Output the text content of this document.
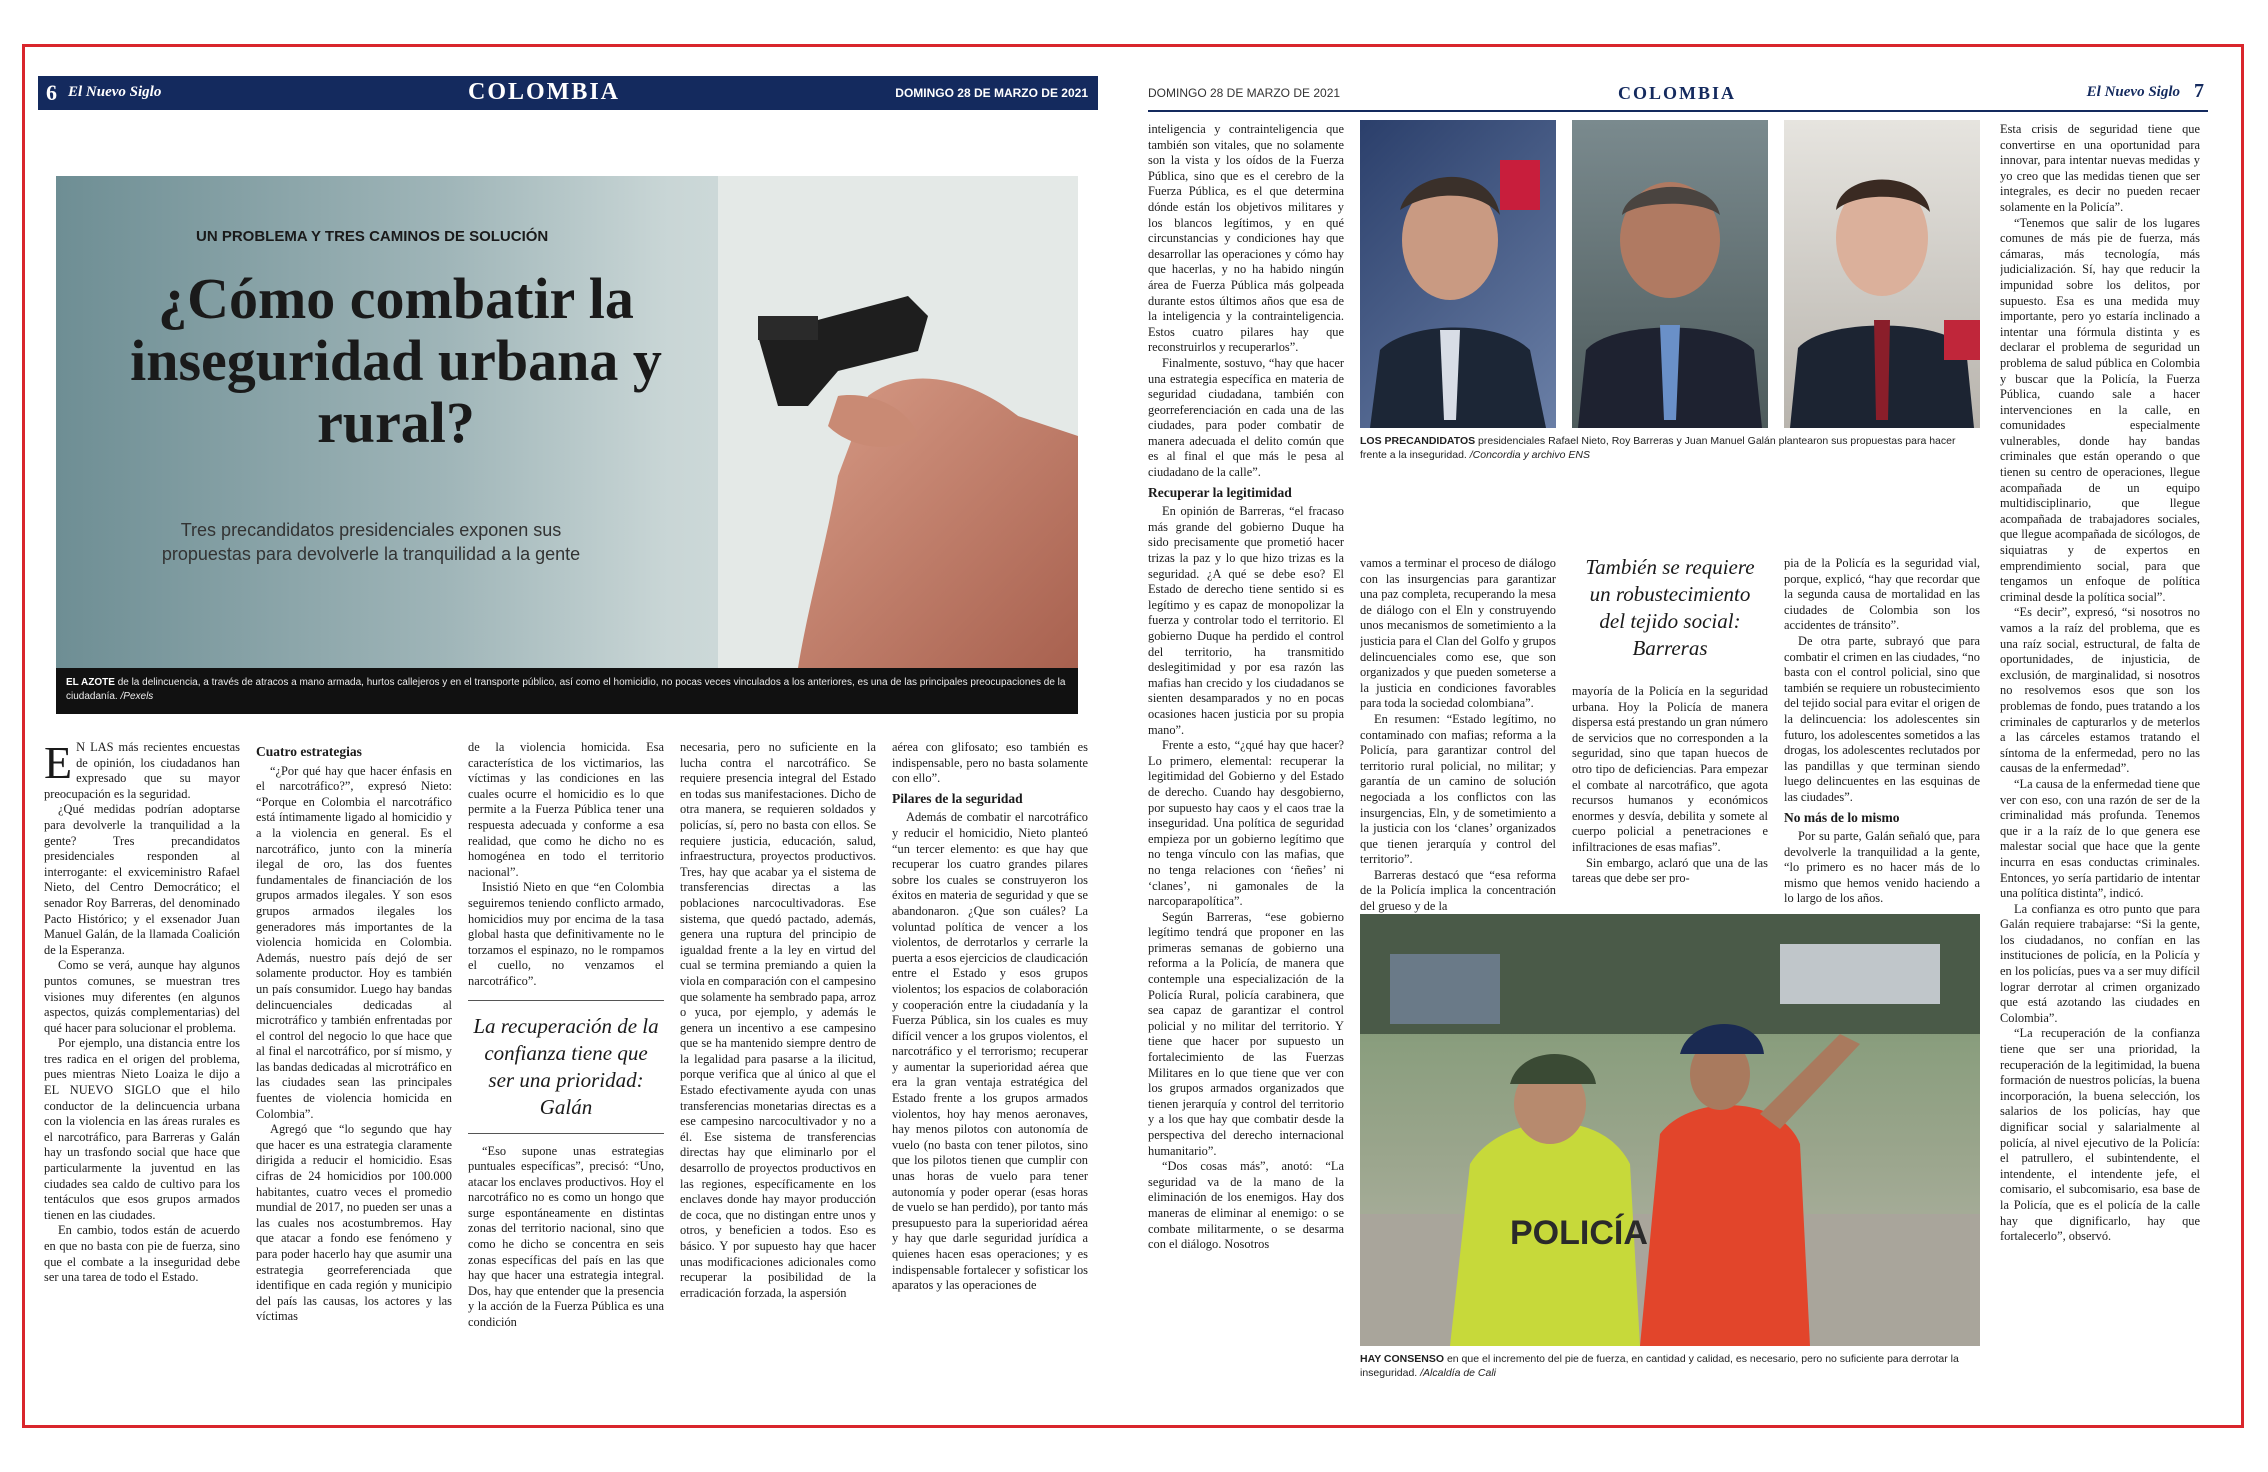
6 El Nuevo Siglo	COLOMBIA	DOMINGO 28 DE MARZO DE 2021
UN PROBLEMA Y TRES CAMINOS DE SOLUCIÓN
¿Cómo combatir la inseguridad urbana y rural?
Tres precandidatos presidenciales exponen sus propuestas para devolverle la tranquilidad a la gente
EL AZOTE de la delincuencia, a través de atracos a mano armada, hurtos callejeros y en el transporte público, así como el homicidio, no pocas veces vinculados a los anteriores, es una de las principales preocupaciones de la ciudadanía. /Pexels

E N LAS más recientes encuestas de opinión, los ciudadanos han expresado que su mayor preocupación es la seguridad.

¿Qué medidas podrían adoptarse para devolverle la tranquilidad a la gente? Tres precandidatos presidenciales responden al interrogante: el exviceministro Rafael Nieto, del Centro Democrático; el senador Roy Barreras, del denominado Pacto Histórico; y el exsenador Juan Manuel Galán, de la llamada Coalición de la Esperanza.

Como se verá, aunque hay algunos puntos comunes, se muestran tres visiones muy diferentes (en algunos aspectos, quizás complementarias) del qué hacer para solucionar el problema.

Por ejemplo, una distancia entre los tres radica en el origen del problema, pues mientras Nieto Loaiza le dijo a EL NUEVO SIGLO que el hilo conductor de la delincuencia urbana con la violencia en las áreas rurales es el narcotráfico, para Barreras y Galán hay un trasfondo social que hace que particularmente la juventud en las ciudades sea caldo de cultivo para los tentáculos que esos grupos armados tienen en las ciudades.

En cambio, todos están de acuerdo en que no basta con pie de fuerza, sino que el combate a la inseguridad debe ser una tarea de todo el Estado.

Cuatro estrategias

“¿Por qué hay que hacer énfasis en el narcotráfico?”, expresó Nieto: “Porque en Colombia el narcotráfico está íntimamente ligado al homicidio y a la violencia en general. Es el narcotráfico, junto con la minería ilegal de oro, las dos fuentes fundamentales de financiación de los grupos armados ilegales. Y son esos grupos armados ilegales los generadores más importantes de la violencia homicida en Colombia. Además, nuestro país dejó de ser solamente productor. Hoy es también un país consumidor. Luego hay bandas delincuenciales dedicadas al microtráfico y también enfrentadas por el control del negocio lo que hace que al final el narcotráfico, por sí mismo, y las bandas dedicadas al microtráfico en las ciudades sean las principales fuentes de violencia homicida en Colombia”.

Agregó que “lo segundo que hay que hacer es una estrategia claramente dirigida a reducir el homicidio. Esas cifras de 24 homicidios por 100.000 habitantes, cuatro veces el promedio mundial de 2017, no pueden ser unas a las cuales nos acostumbremos. Hay que atacar a fondo ese fenómeno y para poder hacerlo hay que asumir una estrategia georreferenciada que identifique en cada región y municipio del país las causas, los actores y las víctimas

de la violencia homicida. Esa característica de los victimarios, las víctimas y las condiciones en las cuales ocurre el homicidio es lo que permite a la Fuerza Pública tener una respuesta adecuada y conforme a esa realidad, que como he dicho no es homogénea en todo el territorio nacional”.

Insistió Nieto en que “en Colombia seguiremos teniendo conflicto armado, homicidios muy por encima de la tasa global hasta que definitivamente no le torzamos el espinazo, no le rompamos el cuello, no venzamos el narcotráfico”.

La recuperación de la confianza tiene que ser una prioridad: Galán

“Eso supone unas estrategias puntuales específicas”, precisó: “Uno, atacar los enclaves productivos. Hoy el narcotráfico no es como un hongo que surge espontáneamente en distintas zonas del territorio nacional, sino que como he dicho se concentra en seis zonas específicas del país en las que hay que hacer una estrategia integral. Dos, hay que entender que la presencia y la acción de la Fuerza Pública es una condición

necesaria, pero no suficiente en la lucha contra el narcotráfico. Se requiere presencia integral del Estado en todas sus manifestaciones. Dicho de otra manera, se requieren soldados y policías, sí, pero no basta con ellos. Se requiere justicia, educación, salud, infraestructura, proyectos productivos. Tres, hay que acabar ya el sistema de transferencias directas a las poblaciones narcocultivadoras. Ese sistema, que quedó pactado, además, genera una ruptura del principio de igualdad frente a la ley en virtud del cual se termina premiando a quien la viola en comparación con el campesino que solamente ha sembrado papa, arroz o yuca, por ejemplo, y además le genera un incentivo a ese campesino que se ha mantenido siempre dentro de la legalidad para pasarse a la ilicitud, porque verifica que al único al que el Estado efectivamente ayuda con unas transferencias monetarias directas es a ese campesino narcocultivador y no a él. Ese sistema de transferencias directas hay que eliminarlo por el desarrollo de proyectos productivos en las regiones, específicamente en los enclaves donde hay mayor producción de coca, que no distingan entre unos y otros, y beneficien a todos. Eso es básico. Y por supuesto hay que hacer unas modificaciones adicionales como recuperar la posibilidad de la erradicación forzada, la aspersión

aérea con glifosato; eso también es indispensable, pero no basta solamente con ello”.

Pilares de la seguridad

Además de combatir el narcotráfico y reducir el homicidio, Nieto planteó “un tercer elemento: es que hay que recuperar los cuatro grandes pilares sobre los cuales se construyeron los éxitos en materia de seguridad y que se abandonaron. ¿Que son cuáles? La voluntad política de vencer a los violentos, de derrotarlos y cerrarle la puerta a esos ejercicios de claudicación entre el Estado y esos grupos violentos; los espacios de colaboración y cooperación entre la ciudadanía y la Fuerza Pública, sin los cuales es muy difícil vencer a los grupos violentos, el narcotráfico y el terrorismo; recuperar y aumentar la superioridad aérea que era la gran ventaja estratégica del Estado frente a los grupos armados violentos, hoy hay menos aeronaves, hay menos pilotos con autonomía de vuelo (no basta con tener pilotos, sino que los pilotos tienen que cumplir con unas horas de vuelo para tener autonomía y poder operar (esas horas de vuelo se han perdido), por tanto más presupuesto para la superioridad aérea y hay que darle seguridad jurídica a quienes hacen esas operaciones; y es indispensable fortalecer y sofisticar los aparatos y las operaciones de

DOMINGO 28 DE MARZO DE 2021	COLOMBIA	El Nuevo Siglo 7

inteligencia y contrainteligencia que también son vitales, que no solamente son la vista y los oídos de la Fuerza Pública, sino que es el cerebro de la Fuerza Pública, es el que determina dónde están los objetivos militares y los blancos legítimos, y en qué circunstancias y condiciones hay que desarrollar las operaciones y cómo hay que hacerlas, y no ha habido ningún área de Fuerza Pública más golpeada durante estos últimos años que esa de la inteligencia y la contrainteligencia. Estos cuatro pilares hay que reconstruirlos y recuperarlos”.

Finalmente, sostuvo, “hay que hacer una estrategia específica en materia de seguridad ciudadana, también con georreferenciación en cada una de las ciudades, para poder combatir de manera adecuada el delito común que es al final el que más le pesa al ciudadano de la calle”.

Recuperar la legitimidad

En opinión de Barreras, “el fracaso más grande del gobierno Duque ha sido precisamente que prometió hacer trizas la paz y lo que hizo trizas es la seguridad. ¿A qué se debe eso? El Estado de derecho tiene sentido si es legítimo y es capaz de monopolizar la fuerza y controlar todo el territorio. El gobierno Duque ha perdido el control del territorio, ha transmitido deslegitimidad y por esa razón las mafias han crecido y los ciudadanos se sienten desamparados y no en pocas ocasiones hacen justicia por su propia mano”.

Frente a esto, “¿qué hay que hacer? Lo primero, elemental: recuperar la legitimidad del Gobierno y del Estado de derecho. Cuando hay desgobierno, por supuesto hay caos y el caos trae la inseguridad. Una política de seguridad empieza por un gobierno legítimo que no tenga vínculo con las mafias, que no tenga relaciones con ‘ñeñes’ ni ‘clanes’, ni gamonales de la narcoparapolítica”.

Según Barreras, “ese gobierno legítimo tendrá que proponer en las primeras semanas de gobierno una reforma a la Policía, de manera que contemple una especialización de la Policía Rural, policía carabinera, que sea capaz de garantizar el control policial y no militar del territorio. Y tiene que hacer por supuesto un fortalecimiento de las Fuerzas Militares en lo que tiene que ver con los grupos armados organizados que tienen jerarquía y control del territorio y a los que hay que combatir desde la perspectiva del derecho internacional humanitario”.

“Dos cosas más”, anotó: “La seguridad va de la mano de la eliminación de los enemigos. Hay dos maneras de eliminar al enemigo: o se combate militarmente, o se desarma con el diálogo. Nosotros

vamos a terminar el proceso de diálogo con las insurgencias para garantizar una paz completa, recuperando la mesa de diálogo con el Eln y construyendo unos mecanismos de sometimiento a la justicia para el Clan del Golfo y grupos delincuenciales como ese, que son organizados y que pueden someterse a la justicia en condiciones favorables para toda la sociedad colombiana”.

En resumen: “Estado legítimo, no contaminado con mafias; reforma a la Policía, para garantizar control del territorio rural policial, no militar; y garantía de un camino de solución negociada a los conflictos con las insurgencias, Eln, y de sometimiento a la justicia con los ‘clanes’ organizados que tienen jerarquía y control del territorio”.

Barreras destacó que “esa reforma de la Policía implica la concentración del grueso y de la

También se requiere un robustecimiento del tejido social: Barreras

mayoría de la Policía en la seguridad urbana. Hoy la Policía de manera dispersa está prestando un gran número de servicios que no corresponden a la seguridad, sino que tapan huecos de otro tipo de deficiencias. Para empezar el combate al narcotráfico, que agota recursos humanos y económicos enormes y desvía, debilita y somete al cuerpo policial a penetraciones e infiltraciones de esas mafias”.

Sin embargo, aclaró que una de las tareas que debe ser pro-

pia de la Policía es la seguridad vial, porque, explicó, “hay que recordar que la segunda causa de mortalidad en las ciudades de Colombia son los accidentes de tránsito”.

De otra parte, subrayó que para combatir el crimen en las ciudades, “no basta con el control policial, sino que también se requiere un robustecimiento del tejido social para evitar el origen de la delincuencia: los adolescentes sin futuro, los adolescentes sometidos a las drogas, los adolescentes reclutados por las pandillas y que terminan siendo luego delincuentes en las esquinas de las ciudades”.

No más de lo mismo

Por su parte, Galán señaló que, para devolverle la tranquilidad a la gente, “lo primero es no hacer más de lo mismo que hemos venido haciendo a lo largo de los años.

Esta crisis de seguridad tiene que convertirse en una oportunidad para innovar, para intentar nuevas medidas y yo creo que las medidas tienen que ser integrales, es decir no pueden recaer solamente en la Policía”.

“Tenemos que salir de los lugares comunes de más pie de fuerza, más cámaras, más tecnología, más judicialización. Sí, hay que reducir la impunidad sobre los delitos, por supuesto. Esa es una medida muy importante, pero yo estaría inclinado a intentar una fórmula distinta y es declarar el problema de seguridad un problema de salud pública en Colombia y buscar que la Policía, la Fuerza Pública, cuando sale a hacer intervenciones en la calle, en comunidades especialmente vulnerables, donde hay bandas criminales que están operando o que tienen su centro de operaciones, llegue acompañada de un equipo multidisciplinario, que llegue acompañada de trabajadores sociales, que llegue acompañada de sicólogos, de siquiatras y de expertos en emprendimiento social, para que tengamos un enfoque de política criminal desde la política social”.

“Es decir”, expresó, “si nosotros no vamos a la raíz del problema, que es una raíz social, estructural, de falta de oportunidades, de injusticia, de exclusión, de marginalidad, si nosotros no resolvemos esos que son los problemas de fondo, pues tratando a los criminales de capturarlos y de meterlos a las cárceles estamos tratando el síntoma de la enfermedad, pero no las causas de la enfermedad”.

“La causa de la enfermedad tiene que ver con eso, con una razón de ser de la criminalidad más profunda. Tenemos que ir a la raíz de lo que genera ese malestar social que hace que la gente incurra en esas conductas criminales. Entonces, yo sería partidario de intentar una política distinta”, indicó.

La confianza es otro punto que para Galán requiere trabajarse: “Si la gente, los ciudadanos, no confían en las instituciones de policía, en la Policía y en los policías, pues va a ser muy difícil lograr derrotar al crimen organizado que está azotando las ciudades en Colombia”.

“La recuperación de la confianza tiene que ser una prioridad, la recuperación de la legitimidad, la buena formación de nuestros policías, la buena incorporación, la buena selección, los salarios de los policías, hay que dignificar social y salarialmente al policía, al nivel ejecutivo de la Policía: el patrullero, el subintendente, el intendente, el intendente jefe, el comisario, el subcomisario, esa base de la Policía, que es el policía de la calle hay que dignificarlo, hay que fortalecerlo”, observó.

LOS PRECANDIDATOS presidenciales Rafael Nieto, Roy Barreras y Juan Manuel Galán plantearon sus propuestas para hacer frente a la inseguridad. /Concordia y archivo ENS
POLICÍA
HAY CONSENSO en que el incremento del pie de fuerza, en cantidad y calidad, es necesario, pero no suficiente para derrotar la inseguridad. /Alcaldía de Cali
